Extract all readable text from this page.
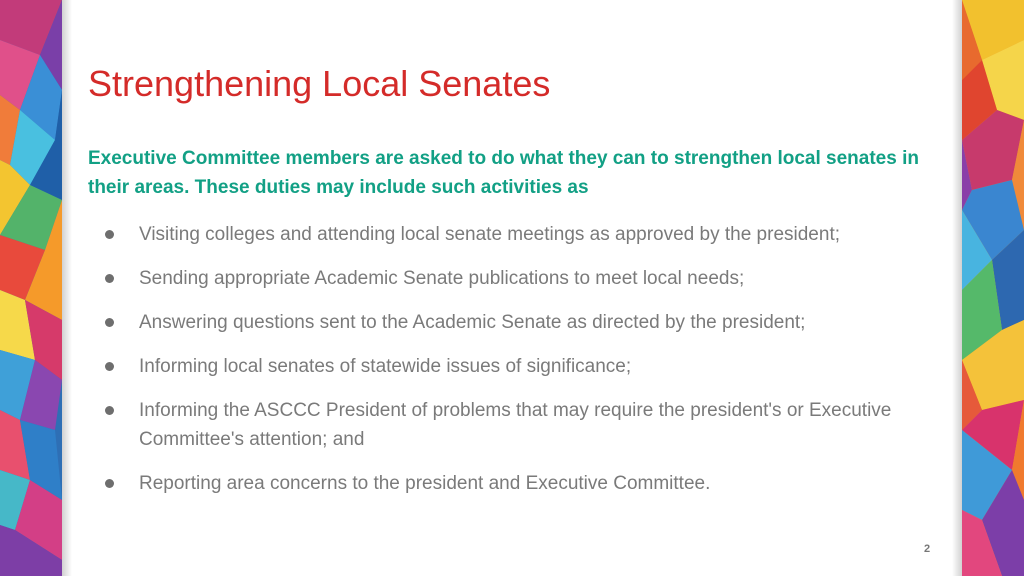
Strengthening Local Senates

Executive Committee members are asked to do what they can to strengthen local senates in their areas. These duties may include such activities as

Visiting colleges and attending local senate meetings as approved by the president;
Sending appropriate Academic Senate publications to meet local needs;
Answering questions sent to the Academic Senate as directed by the president;
Informing local senates of statewide issues of significance;
Informing the ASCCC President of problems that may require the president's or Executive Committee's attention; and
Reporting area concerns to the president and Executive Committee.
2
